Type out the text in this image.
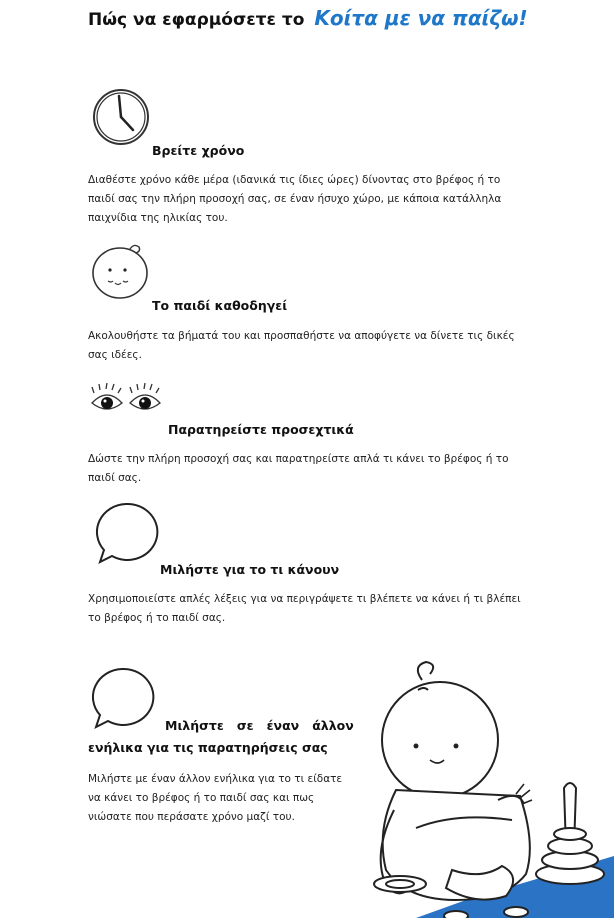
Πώς να εφαρμόσετε το Κοίτα με να παίζω!
Βρείτε χρόνο
Διαθέστε χρόνο κάθε μέρα (ιδανικά τις ίδιες ώρες) δίνοντας στο βρέφος ή το παιδί σας την πλήρη προσοχή σας, σε έναν ήσυχο χώρο, με κάποια κατάλληλα παιχνίδια της ηλικίας του.
Το παιδί καθοδηγεί
Ακολουθήστε τα βήματά του και προσπαθήστε να αποφύγετε να δίνετε τις δικές σας ιδέες.
Παρατηρείστε προσεχτικά
Δώστε την πλήρη προσοχή σας και παρατηρείστε απλά τι κάνει το βρέφος ή το παιδί σας.
Μιλήστε για το τι κάνουν
Χρησιμοποιείστε απλές λέξεις για να περιγράψετε τι βλέπετε να κάνει ή τι βλέπει το βρέφος ή το παιδί σας.
Μιλήστε   σε   έναν   άλλον
ενήλικα για τις παρατηρήσεις σας
Μιλήστε με έναν άλλον ενήλικα για το τι είδατε να κάνει το βρέφος ή το παιδί σας και πως νιώσατε που περάσατε χρόνο μαζί του.
